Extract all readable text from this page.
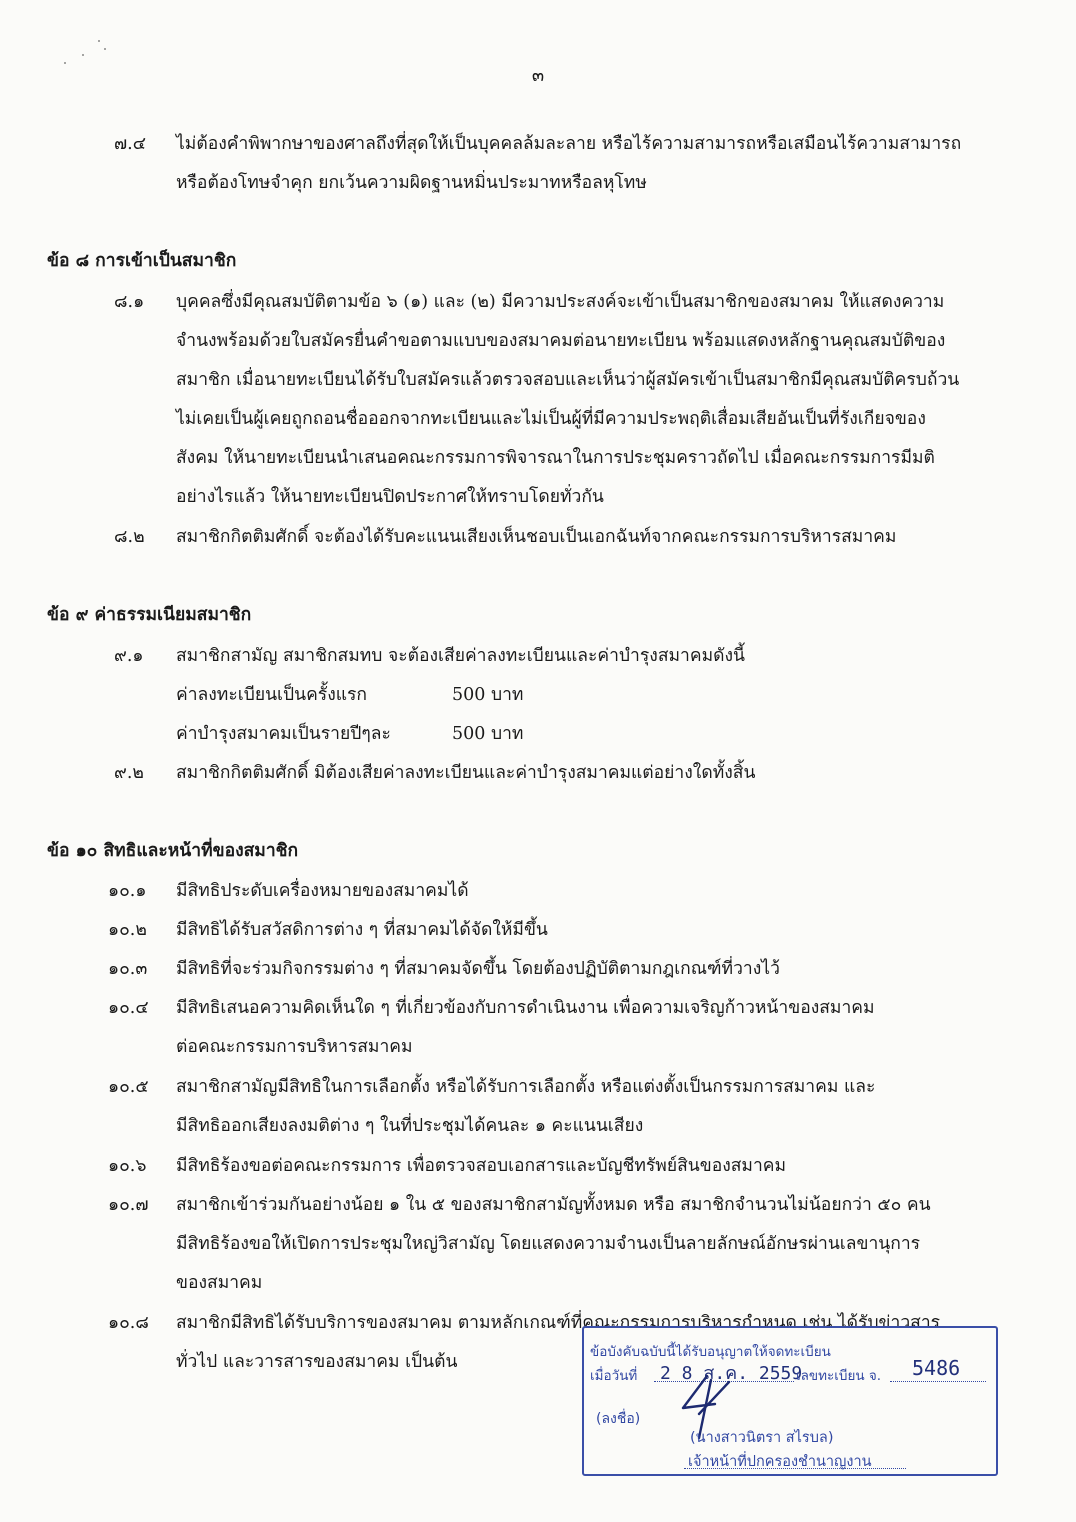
๓
๗.๔ ไม่ต้องคำพิพากษาของศาลถึงที่สุดให้เป็นบุคคลล้มละลาย หรือไร้ความสามารถหรือเสมือนไร้ความสามารถ
หรือต้องโทษจำคุก ยกเว้นความผิดฐานหมิ่นประมาทหรือลหุโทษ
ข้อ ๘ การเข้าเป็นสมาชิก
๘.๑ บุคคลซึ่งมีคุณสมบัติตามข้อ ๖ (๑) และ (๒) มีความประสงค์จะเข้าเป็นสมาชิกของสมาคม ให้แสดงความ
จำนงพร้อมด้วยใบสมัครยื่นคำขอตามแบบของสมาคมต่อนายทะเบียน พร้อมแสดงหลักฐานคุณสมบัติของ
สมาชิก เมื่อนายทะเบียนได้รับใบสมัครแล้วตรวจสอบและเห็นว่าผู้สมัครเข้าเป็นสมาชิกมีคุณสมบัติครบถ้วน
ไม่เคยเป็นผู้เคยถูกถอนชื่อออกจากทะเบียนและไม่เป็นผู้ที่มีความประพฤติเสื่อมเสียอันเป็นที่รังเกียจของ
สังคม ให้นายทะเบียนนำเสนอคณะกรรมการพิจารณาในการประชุมคราวถัดไป เมื่อคณะกรรมการมีมติ
อย่างไรแล้ว ให้นายทะเบียนปิดประกาศให้ทราบโดยทั่วกัน
๘.๒ สมาชิกกิตติมศักดิ์ จะต้องได้รับคะแนนเสียงเห็นชอบเป็นเอกฉันท์จากคณะกรรมการบริหารสมาคม
ข้อ ๙ ค่าธรรมเนียมสมาชิก
๙.๑ สมาชิกสามัญ สมาชิกสมทบ จะต้องเสียค่าลงทะเบียนและค่าบำรุงสมาคมดังนี้
ค่าลงทะเบียนเป็นครั้งแรก	500 บาท
ค่าบำรุงสมาคมเป็นรายปีๆละ	500 บาท
๙.๒ สมาชิกกิตติมศักดิ์ มิต้องเสียค่าลงทะเบียนและค่าบำรุงสมาคมแต่อย่างใดทั้งสิ้น
ข้อ ๑๐ สิทธิและหน้าที่ของสมาชิก
๑๐.๑ มีสิทธิประดับเครื่องหมายของสมาคมได้
๑๐.๒ มีสิทธิได้รับสวัสดิการต่าง ๆ ที่สมาคมได้จัดให้มีขึ้น
๑๐.๓ มีสิทธิที่จะร่วมกิจกรรมต่าง ๆ ที่สมาคมจัดขึ้น โดยต้องปฏิบัติตามกฎเกณฑ์ที่วางไว้
๑๐.๔ มีสิทธิเสนอความคิดเห็นใด ๆ ที่เกี่ยวข้องกับการดำเนินงาน เพื่อความเจริญก้าวหน้าของสมาคม
ต่อคณะกรรมการบริหารสมาคม
๑๐.๕ สมาชิกสามัญมีสิทธิในการเลือกตั้ง หรือได้รับการเลือกตั้ง หรือแต่งตั้งเป็นกรรมการสมาคม และ
มีสิทธิออกเสียงลงมติต่าง ๆ ในที่ประชุมได้คนละ ๑ คะแนนเสียง
๑๐.๖ มีสิทธิร้องขอต่อคณะกรรมการ เพื่อตรวจสอบเอกสารและบัญชีทรัพย์สินของสมาคม
๑๐.๗ สมาชิกเข้าร่วมกันอย่างน้อย ๑ ใน ๕ ของสมาชิกสามัญทั้งหมด หรือ สมาชิกจำนวนไม่น้อยกว่า ๕๐ คน
มีสิทธิร้องขอให้เปิดการประชุมใหญ่วิสามัญ โดยแสดงความจำนงเป็นลายลักษณ์อักษรผ่านเลขานุการ
ของสมาคม
๑๐.๘ สมาชิกมีสิทธิได้รับบริการของสมาคม ตามหลักเกณฑ์ที่คณะกรรมการบริหารกำหนด เช่น ได้รับข่าวสาร
ทั่วไป และวารสารของสมาคม เป็นต้น	ข้อบังคับฉบับนี้ได้รับอนุญาตให้จดทะเบียน
เมื่อวันที่ 2 8 ส.ค. 2559
เลขทะเบียน จ. 5486
(ลงชื่อ)
(นางสาวนิตรา สไรบล)
เจ้าหน้าที่ปกครองชำนาญงาน
